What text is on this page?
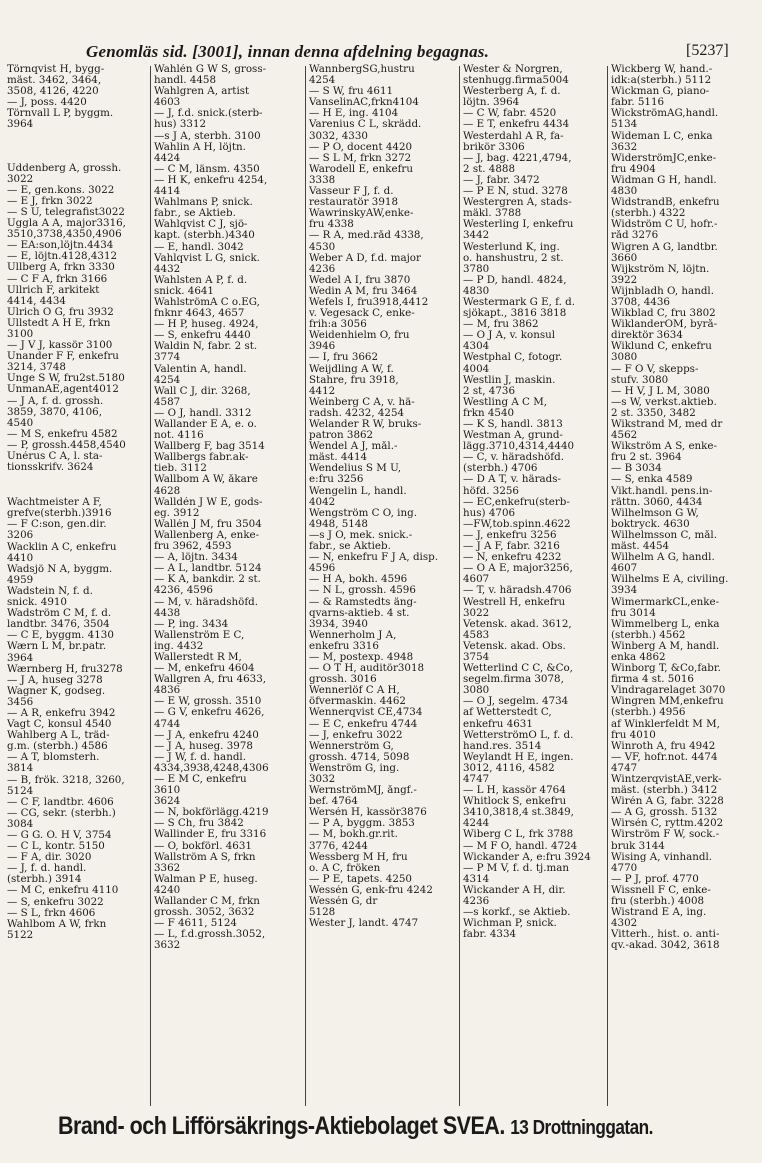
Genomläs sid. [3001], innan denna afdelning begagnas.	[5237]
Törnqvist H, bygg-
mäst. 3462, 3464,
3508, 4126, 4220
— J, poss. 4420
Törnvall L P, byggm.
3964
Uddenberg A, grossh.
3022
— E, gen.kons. 3022
— E J, frkn 3022
— S U, telegrafist3022
Uggla A A, major3316,
3510,3738,4350,4906
— EA:son,löjtn.4434
— E, löjtn.4128,4312
Ullberg A, frkn 3330
— C F A, frkn 3166
Ullrich F, arkitekt
4414, 4434
Ulrich O G, fru 3932
Ullstedt A H E, frkn
3100
— J V J, kassör 3100
Unander F F, enkefru
3214, 3748
Unge S W, fru2st.5180
UnmanAE,agent4012
— J A, f. d. grossh.
3859, 3870, 4106,
4540
— M S, enkefru 4582
— P, grossh.4458,4540
Unérus C A, l. sta-
tionsskrifv. 3624
Wachtmeister A F,
grefve(sterbh.)3916
— F C:son, gen.dir.
3206
Wacklin A C, enkefru
4410
Wadsjö N A, byggm.
4959
Wadstein N, f. d.
snick. 4910
Wadström C M, f. d.
landtbr. 3476, 3504
— C E, byggm. 4130
Wærn L M, br.patr.
3964
Wærnberg H, fru3278
— J A, huseg 3278
Wagner K, godseg.
3456
— A R, enkefru 3942
Vagt C, konsul 4540
Wahlberg A L, träd-
g.m. (sterbh.) 4586
— A T, blomsterh.
3814
— B, frök. 3218, 3260,
5124
— C F, landtbr. 4606
— CG, sekr. (sterbh.)
3084
— G G. O. H V, 3754
— C L, kontr. 5150
— F A, dir. 3020
— J, f. d. handl.
(sterbh.) 3914
— M C, enkefru 4110
— S, enkefru 3022
— S L, frkn 4606
Wahlbom A W, frkn
5122
Wahlén G W S, gross-
handl. 4458
Wahlgren A, artist
4603
— J, f.d. snick.(sterb-
hus) 3312
—s J A, sterbh. 3100
Wahlin A H, löjtn.
4424
— C M, länsm. 4350
— H K, enkefru 4254,
4414
Wahlmans P, snick.
fabr., se Aktieb.
Wahlqvist C J, sjö-
kapt. (sterbh.)4340
— E, handl. 3042
Vahlqvist L G, snick.
4432
Wahlsten A P, f. d.
snick. 4641
WahlströmA C o.EG,
fnknr 4643, 4657
— H P, huseg. 4924,
— S, enkefru 4440
Waldin N, fabr. 2 st.
3774
Valentin A, handl.
4254
Wall C J, dir. 3268,
4587
— O J, handl. 3312
Wallander E A, e. o.
not. 4116
Wallberg F, bag 3514
Wallbergs fabr.ak-
tieb. 3112
Wallbom A W, åkare
4628
Walldén J W E, gods-
eg. 3912
Wallén J M, fru 3504
Wallenberg A, enke-
fru 3962, 4593
— A, löjtn. 3434
— A L, landtbr. 5124
— K A, bankdir. 2 st.
4236, 4596
— M, v. häradshöfd.
4438
— P, ing. 3434
Wallenström E C,
ing. 4432
Wallerstedt R M,
— M, enkefru 4604
Wallgren A, fru 4633,
4836
— E W, grossh. 3510
— G V, enkefru 4626,
4744
— J A, enkefru 4240
— J A, huseg. 3978
— J W, f. d. handl.
4334,3938,4248,4306
— E M C, enkefru
3610
3624
— N, bokförlägg.4219
— S Ch, fru 3842
Wallinder E, fru 3316
— O, bokförl. 4631
Wallström A S, frkn
3362
Walman P E, huseg.
4240
Wallander C M, frkn
grossh. 3052, 3632
— F 4611, 5124
— L, f.d.grossh.3052,
3632
WannbergSG,hustru
4254
— S W, fru 4611
VanselinAC,frkn4104
— H E, ing. 4104
Varenius C L, skrädd.
3032, 4330
— P O, docent 4420
— S L M, frkn 3272
Warodell E, enkefru
3338
Vasseur F J, f. d.
restauratör 3918
WawrinskyAW,enke-
fru 4338
— R A, med.råd 4338,
4530
Weber A D, f.d. major
4236
Wedel A I, fru 3870
Wedin A M, fru 3464
Wefels I, fru3918,4412
v. Vegesack C, enke-
frih:a 3056
Weidenhielm O, fru
3946
— I, fru 3662
Weijdling A W, f.
Stahre, fru 3918,
4412
Weinberg C A, v. hä-
radsh. 4232, 4254
Welander R W, bruks-
patron 3862
Wendel A J, mål.-
mäst. 4414
Wendelius S M U,
e:fru 3256
Wengelin L, handl.
4042
Wengström C O, ing.
4948, 5148
—s J O, mek. snick.-
fabr., se Aktieb.
— N, enkefru F J A, disp.
4596
— H A, bokh. 4596
— N L, grossh. 4596
— & Ramstedts äng-
qvarns-aktieb. 4 st.
3934, 3940
Wennerholm J A,
enkefru 3316
— M, postexp. 4948
— O T H, auditör3018
grossh. 3016
Wennerlöf C A H,
öfvermaskin. 4462
Wennerqvist CE,4734
— E C, enkefru 4744
— J, enkefru 3022
Wennerström G,
grossh. 4714, 5098
Wenström G, ing.
3032
WernströmMJ, ångf.-
bef. 4764
Wersén H, kassör3876
— P A, byggm. 3853
— M, bokh.gr.rit.
3776, 4244
Wessberg M H, fru
o. A C, fröken
— P E, tapets. 4250
Wessén G, enk-fru 4242
Wessén G, dr
5128
Wester J, landt. 4747
Wester & Norgren,
stenhugg.firma5004
Westerberg A, f. d.
löjtn. 3964
— C W, fabr. 4520
— E T, enkefru 4434
Westerdahl A R, fa-
brikör 3306
— J, bag. 4221,4794,
2 st. 4888
— J, fabr. 3472
— P E N, stud. 3278
Westergren A, stads-
mäkl. 3788
Westerling I, enkefru
3442
Westerlund K, ing.
o. hanshustru, 2 st.
3780
— P D, handl. 4824,
4830
Westermark G E, f. d.
sjökapt., 3816 3818
— M, fru 3862
— O J A, v. konsul
4304
Westphal C, fotogr.
4004
Westlin J, maskin.
2 st, 4736
Westling A C M,
frkn 4540
— K S, handl. 3813
Westman A, grund-
lägg.3710,4314,4440
— C, v. häradshöfd.
(sterbh.) 4706
— D A T, v. härads-
höfd. 3256
— EC,enkefru(sterb-
hus) 4706
—FW,tob.spinn.4622
— J, enkefru 3256
— J A F, fabr. 3216
— N, enkefru 4232
— O A E, major3256,
4607
— T, v. häradsh.4706
Westrell H, enkefru
3022
Vetensk. akad. 3612,
4583
Vetensk. akad. Obs.
3754
Wetterlind C C, &Co,
segelm.firma 3078,
3080
— O J, segelm. 4734
af Wetterstedt C,
enkefru 4631
WetterströmO L, f. d.
hand.res. 3514
Weylandt H E, ingen.
3012, 4116, 4582
4747
— L H, kassör 4764
Whitlock S, enkefru
3410,3818,4 st.3849,
4244
Wiberg C L, frk 3788
— M F O, handl. 4724
Wickander A, e:fru 3924
— P M V, f. d. tj.man
4314
Wickander A H, dir.
4236
—s korkf., se Aktieb.
Wichman P, snick.
fabr. 4334
Wickberg W, hand.-
idk:a(sterbh.) 5112
Wickman G, piano-
fabr. 5116
WickströmAG,handl.
5134
Wideman L C, enka
3632
WiderströmJC,enke-
fru 4904
Widman G H, handl.
4830
WidstrandB, enkefru
(sterbh.) 4322
Widström C U, hofr.-
råd 3276
Wigren A G, landtbr.
3660
Wijkström N, löjtn.
3922
Wijnbladh O, handl.
3708, 4436
Wikblad C, fru 3802
WiklanderOM, byrå-
direktör 3634
Wiklund C, enkefru
3080
— F O V, skepps-
stufv. 3080
— H V, J L M, 3080
—s W, verkst.aktieb.
2 st. 3350, 3482
Wikstrand M, med dr
4562
Wikström A S, enke-
fru 2 st. 3964
— B 3034
— S, enka 4589
Vikt.handl. pens.in-
rättn. 3060, 4434
Wilhelmson G W,
boktryck. 4630
Wilhelmsson C, mål.
mäst. 4454
Wilhelm A G, handl.
4607
Wilhelms E A, civiling.
3934
WimermarkCL,enke-
fru 3014
Wimmelberg L, enka
(sterbh.) 4562
Winberg A M, handl.
enka 4862
Winborg T, &Co,fabr.
firma 4 st. 5016
Vindragarelaget 3070
Wingren MM,enkefru
(sterbh.) 4956
af Winklerfeldt M M,
fru 4010
Winroth A, fru 4942
— VF, hofr.not. 4474
4747
WintzerqvistAE,verk-
mäst. (sterbh.) 3412
Wirén A G, fabr. 3228
— A G, grossh. 5132
Wirsén C, ryttm.4202
Wirström F W, sock.-
bruk 3144
Wising A, vinhandl.
4770
— P J, prof. 4770
Wissnell F C, enke-
fru (sterbh.) 4008
Wistrand E A, ing.
4302
Vitterh., hist. o. anti-
qv.-akad. 3042, 3618
Brand- och Lifförsäkrings-Aktiebolaget SVEA. 13 Drottninggatan.
